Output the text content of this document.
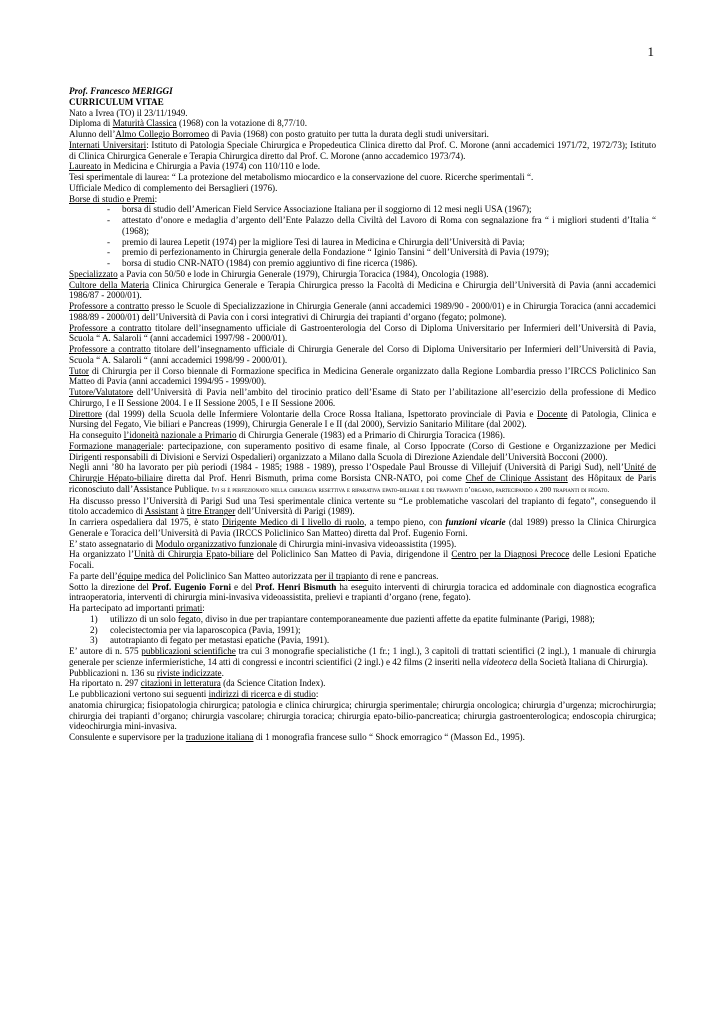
1

Prof. Francesco MERIGGI

CURRICULUM VITAE

Nato a Ivrea (TO) il 23/11/1949.

Diploma di Maturità Classica (1968) con la votazione di 8,77/10.

Alunno dell’Almo Collegio Borromeo di Pavia (1968) con posto gratuito per tutta la durata degli studi universitari.

Internati Universitari: Istituto di Patologia Speciale Chirurgica e Propedeutica Clinica diretto dal Prof. C. Morone (anni accademici 1971/72, 1972/73); Istituto di Clinica Chirurgica Generale e Terapia Chirurgica diretto dal Prof. C. Morone (anno accademico 1973/74).

Laureato in Medicina e Chirurgia a Pavia (1974) con 110/110 e lode.

Tesi sperimentale di laurea: “ La protezione del metabolismo miocardico e la conservazione del cuore. Ricerche sperimentali “.

Ufficiale Medico di complemento dei Bersaglieri (1976).

Borse di studio e Premi:

- borsa di studio dell’American Field Service Associazione Italiana per il soggiorno di 12 mesi negli USA (1967);
- attestato d’onore e medaglia d’argento dell’Ente Palazzo della Civiltà del Lavoro di Roma con segnalazione fra “ i migliori studenti d’Italia “ (1968);
- premio di laurea Lepetit (1974) per la migliore Tesi di laurea in Medicina e Chirurgia dell’Università di Pavia;
- premio di perfezionamento in Chirurgia generale della Fondazione “ Iginio Tansini “ dell’Università di Pavia (1979);
- borsa di studio CNR-NATO (1984) con premio aggiuntivo di fine ricerca (1986).

Specializzato a Pavia con 50/50 e lode in Chirurgia Generale (1979), Chirurgia Toracica (1984), Oncologia (1988).

Cultore della Materia Clinica Chirurgica Generale e Terapia Chirurgica presso la Facoltà di Medicina e Chirurgia dell’Università di Pavia (anni accademici 1986/87 - 2000/01).

Professore a contratto presso le Scuole di Specializzazione in Chirurgia Generale (anni accademici 1989/90 - 2000/01) e in Chirurgia Toracica (anni accademici 1988/89 - 2000/01) dell’Università di Pavia con i corsi integrativi di Chirurgia dei trapianti d’organo (fegato; polmone).

Professore a contratto titolare dell’insegnamento ufficiale di Gastroenterologia del Corso di Diploma Universitario per Infermieri dell’Università di Pavia, Scuola “ A. Salaroli “ (anni accademici 1997/98 - 2000/01).

Professore a contratto titolare dell’insegnamento ufficiale di Chirurgia Generale del Corso di Diploma Universitario per Infermieri dell’Università di Pavia, Scuola “ A. Salaroli “ (anni accademici 1998/99 - 2000/01).

Tutor di Chirurgia per il Corso biennale di Formazione specifica in Medicina Generale organizzato dalla Regione Lombardia presso l’IRCCS Policlinico San Matteo di Pavia (anni accademici 1994/95 - 1999/00).

Tutore/Valutatore dell’Università di Pavia nell’ambito del tirocinio pratico dell’Esame di Stato per l’abilitazione all’esercizio della professione di Medico Chirurgo, I e II Sessione 2004. I e II Sessione 2005, I e II Sessione 2006.

Direttore (dal 1999) della Scuola delle Infermiere Volontarie della Croce Rossa Italiana, Ispettorato provinciale di Pavia e Docente di Patologia, Clinica e Nursing del Fegato, Vie biliari e Pancreas (1999), Chirurgia Generale I e II (dal 2000), Servizio Sanitario Militare (dal 2002).

Ha conseguito l’idoneità nazionale a Primario di Chirurgia Generale (1983) ed a Primario di Chirurgia Toracica (1986).

Formazione manageriale: partecipazione, con superamento positivo di esame finale, al Corso Ippocrate (Corso di Gestione e Organizzazione per Medici Dirigenti responsabili di Divisioni e Servizi Ospedalieri) organizzato a Milano dalla Scuola di Direzione Aziendale dell’Università Bocconi (2000).

Negli anni ’80 ha lavorato per più periodi (1984 - 1985; 1988 - 1989), presso l’Ospedale Paul Brousse di Villejuif (Università di Parigi Sud), nell’Unité de Chirurgie Hépato-biliaire diretta dal Prof. Henri Bismuth, prima come Borsista CNR-NATO, poi come Chef de Clinique Assistant des Hôpitaux de Paris riconosciuto dall’Assistance Publique. Ivi si è perfezionato nella chirurgia resettiva e riparativa epato-biliare e dei trapianti d’organo, partecipando a 200 trapianti di fegato.

Ha discusso presso l’Università di Parigi Sud una Tesi sperimentale clinica vertente su “Le problematiche vascolari del trapianto di fegato”, conseguendo il titolo accademico di Assistant à titre Etranger dell’Università di Parigi (1989).

In carriera ospedaliera dal 1975, è stato Dirigente Medico di I livello di ruolo, a tempo pieno, con funzioni vicarie (dal 1989) presso la Clinica Chirurgica Generale e Toracica dell’Università di Pavia (IRCCS Policlinico San Matteo) diretta dal Prof. Eugenio Forni.

E’ stato assegnatario di Modulo organizzativo funzionale di Chirurgia mini-invasiva videoassistita (1995).

Ha organizzato l’Unità di Chirurgia Epato-biliare del Policlinico San Matteo di Pavia, dirigendone il Centro per la Diagnosi Precoce delle Lesioni Epatiche Focali.

Fa parte dell’équipe medica del Policlinico San Matteo autorizzata per il trapianto di rene e pancreas.

Sotto la direzione del Prof. Eugenio Forni e del Prof. Henri Bismuth ha eseguito interventi di chirurgia toracica ed addominale con diagnostica ecografica intraoperatoria, interventi di chirurgia mini-invasiva videoassistita, prelievi e trapianti d’organo (rene, fegato).

Ha partecipato ad importanti primati:

1) utilizzo di un solo fegato, diviso in due per trapiantare contemporaneamente due pazienti affette da epatite fulminante (Parigi, 1988);
2) colecistectomia per via laparoscopica (Pavia, 1991);
3) autotrapianto di fegato per metastasi epatiche (Pavia, 1991).

E’ autore di n. 575 pubblicazioni scientifiche tra cui 3 monografie specialistiche (1 fr.; 1 ingl.), 3 capitoli di trattati scientifici (2 ingl.), 1 manuale di chirurgia generale per scienze infermieristiche, 14 atti di congressi e incontri scientifici (2 ingl.) e 42 films (2 inseriti nella videoteca della Società Italiana di Chirurgia).

Pubblicazioni n. 136 su riviste indicizzate.

Ha riportato n. 297 citazioni in letteratura (da Science Citation Index).

Le pubblicazioni vertono sui seguenti indirizzi di ricerca e di studio:

anatomia chirurgica; fisiopatologia chirurgica; patologia e clinica chirurgica; chirurgia sperimentale; chirurgia oncologica; chirurgia d’urgenza; microchirurgia; chirurgia dei trapianti d’organo; chirurgia vascolare; chirurgia toracica; chirurgia epato-bilio-pancreatica; chirurgia gastroenterologica; endoscopia chirurgica; videochirurgia mini-invasiva.

Consulente e supervisore per la traduzione italiana di 1 monografia francese sullo “ Shock emorragico “ (Masson Ed., 1995).
